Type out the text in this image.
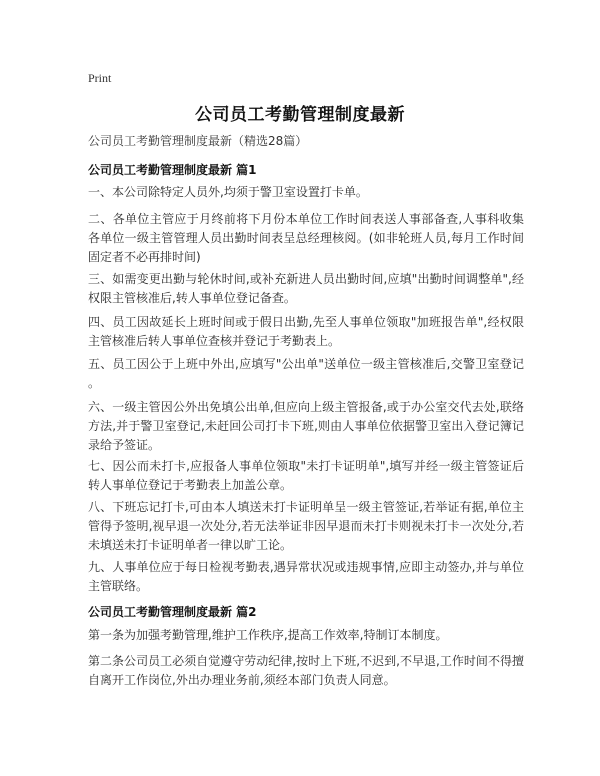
Print
公司员工考勤管理制度最新
公司员工考勤管理制度最新（精选28篇）
公司员工考勤管理制度最新 篇1
一、本公司除特定人员外,均须于警卫室设置打卡单。
二、各单位主管应于月终前将下月份本单位工作时间表送人事部备查,人事科收集
各单位一级主管管理人员出勤时间表呈总经理核阅。(如非轮班人员,每月工作时间
固定者不必再排时间)
三、如需变更出勤与轮休时间,或补充新进人员出勤时间,应填"出勤时间调整单",经
权限主管核准后,转人事单位登记备查。
四、员工因故延长上班时间或于假日出勤,先至人事单位领取"加班报告单",经权限
主管核准后转人事单位查核并登记于考勤表上。
五、员工因公于上班中外出,应填写"公出单"送单位一级主管核准后,交警卫室登记
。
六、一级主管因公外出免填公出单,但应向上级主管报备,或于办公室交代去处,联络
方法,并于警卫室登记,未赶回公司打卡下班,则由人事单位依据警卫室出入登记簿记
录给予签证。
七、因公而未打卡,应报备人事单位领取"未打卡证明单",填写并经一级主管签证后
转人事单位登记于考勤表上加盖公章。
八、下班忘记打卡,可由本人填送未打卡证明单呈一级主管签证,若举证有据,单位主
管得予签明,视早退一次处分,若无法举证非因早退而未打卡则视未打卡一次处分,若
未填送未打卡证明单者一律以旷工论。
九、人事单位应于每日检视考勤表,遇异常状况或违规事情,应即主动签办,并与单位
主管联络。
公司员工考勤管理制度最新 篇2
第一条为加强考勤管理,维护工作秩序,提高工作效率,特制订本制度。
第二条公司员工必须自觉遵守劳动纪律,按时上下班,不迟到,不早退,工作时间不得擅
自离开工作岗位,外出办理业务前,须经本部门负责人同意。
